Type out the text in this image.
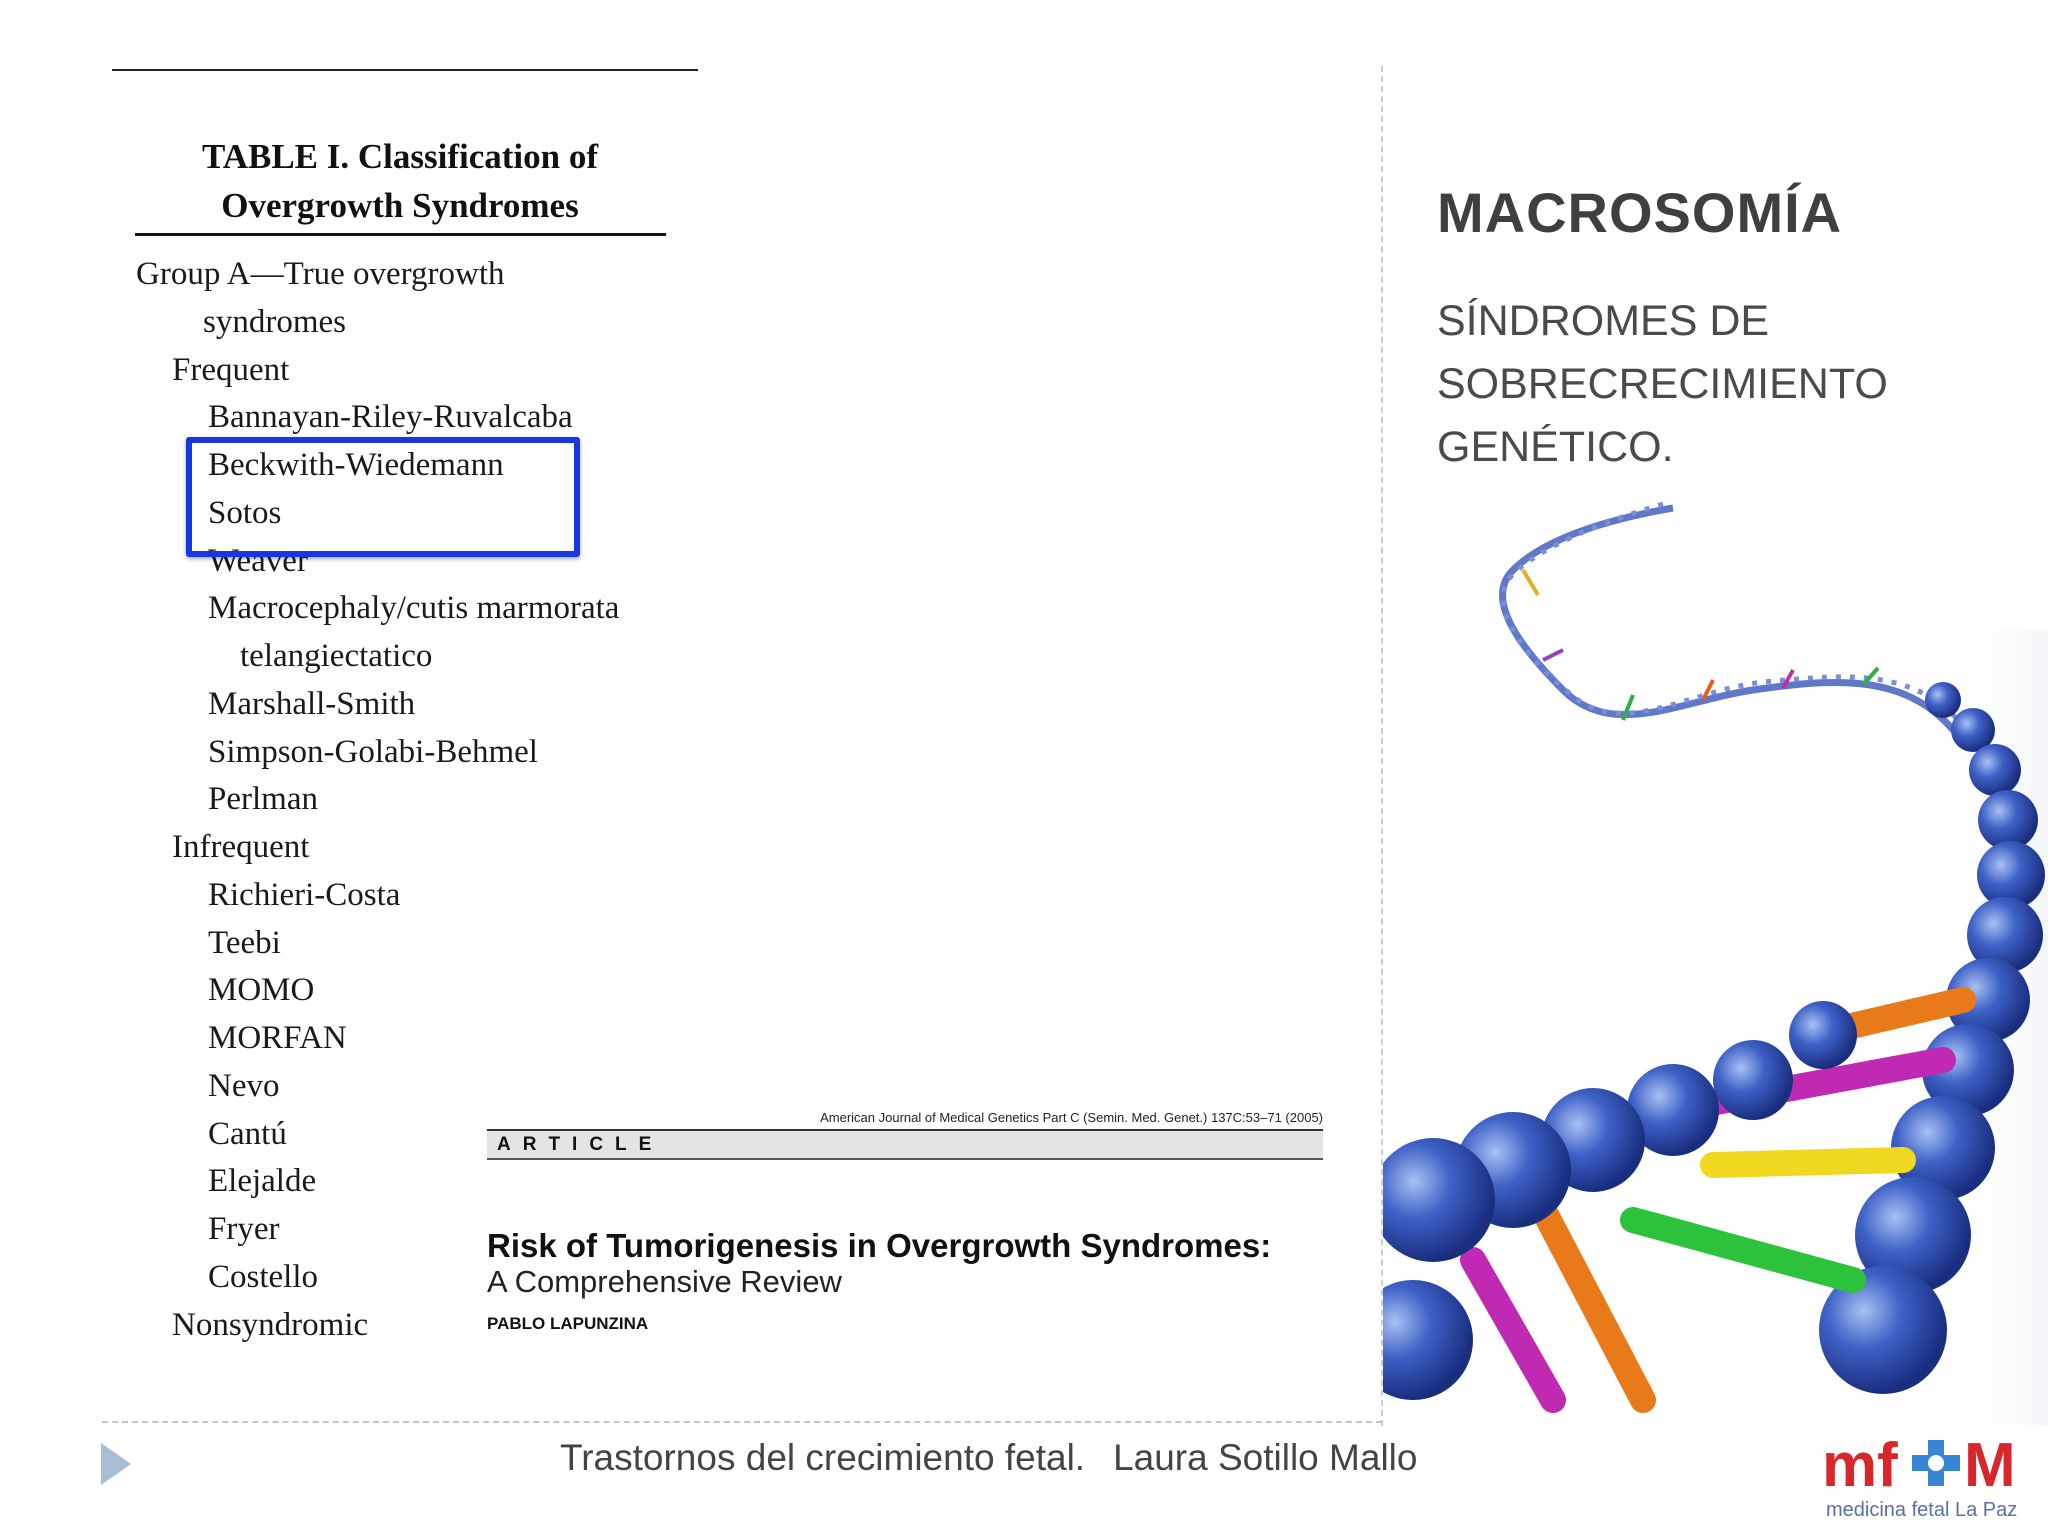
TABLE I. Classification of
Overgrowth Syndromes
Group A—True overgrowth
syndromes
Frequent
Bannayan-Riley-Ruvalcaba
Beckwith-Wiedemann
Sotos
Weaver
Macrocephaly/cutis marmorata
telangiectatico
Marshall-Smith
Simpson-Golabi-Behmel
Perlman
Infrequent
Richieri-Costa
Teebi
MOMO
MORFAN
Nevo
Cantú
Elejalde
Fryer
Costello
Nonsyndromic
American Journal of Medical Genetics Part C (Semin. Med. Genet.) 137C:53–71 (2005)
ARTICLE
Risk of Tumorigenesis in Overgrowth Syndromes:
A Comprehensive Review
PABLO LAPUNZINA
MACROSOMÍA
SÍNDROMES DE
SOBRECRECIMIENTO
GENÉTICO.
Trastornos del crecimiento fetal. Laura Sotillo Mallo	mf M
medicina fetal La Paz
